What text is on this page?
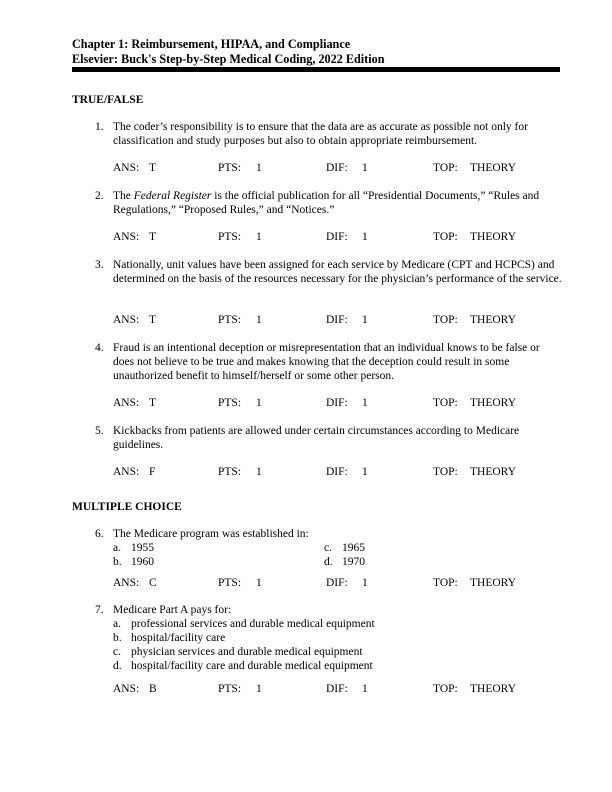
Chapter 1: Reimbursement, HIPAA, and Compliance
Elsevier: Buck's Step-by-Step Medical Coding, 2022 Edition
TRUE/FALSE
1. The coder’s responsibility is to ensure that the data are as accurate as possible not only for classification and study purposes but also to obtain appropriate reimbursement.
ANS: T	PTS: 1	DIF: 1	TOP: THEORY
2. The Federal Register is the official publication for all “Presidential Documents,” “Rules and Regulations,” “Proposed Rules,” and “Notices.”
ANS: T	PTS: 1	DIF: 1	TOP: THEORY
3. Nationally, unit values have been assigned for each service by Medicare (CPT and HCPCS) and determined on the basis of the resources necessary for the physician’s performance of the service.
ANS: T	PTS: 1	DIF: 1	TOP: THEORY
4. Fraud is an intentional deception or misrepresentation that an individual knows to be false or does not believe to be true and makes knowing that the deception could result in some unauthorized benefit to himself/herself or some other person.
ANS: T	PTS: 1	DIF: 1	TOP: THEORY
5. Kickbacks from patients are allowed under certain circumstances according to Medicare guidelines.
ANS: F	PTS: 1	DIF: 1	TOP: THEORY
MULTIPLE CHOICE
6. The Medicare program was established in:
a. 1955
b. 1960
c. 1965
d. 1970
ANS: C	PTS: 1	DIF: 1	TOP: THEORY
7. Medicare Part A pays for:
a. professional services and durable medical equipment
b. hospital/facility care
c. physician services and durable medical equipment
d. hospital/facility care and durable medical equipment
ANS: B	PTS: 1	DIF: 1	TOP: THEORY
